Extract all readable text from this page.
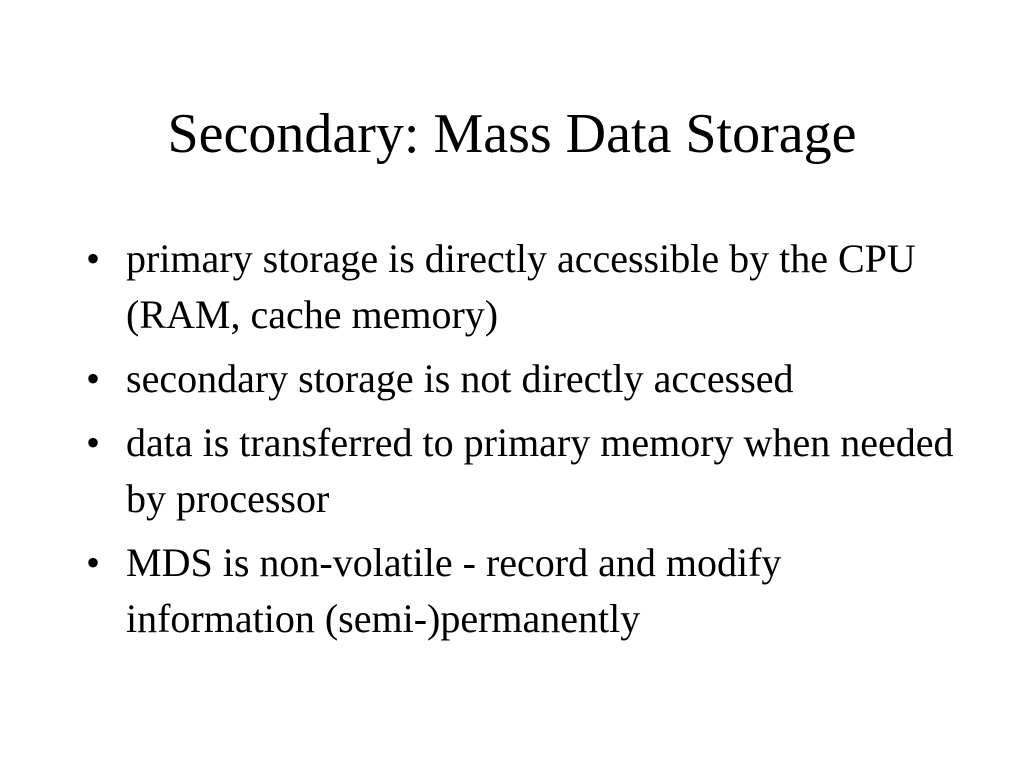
Secondary: Mass Data Storage
• primary storage is directly accessible by the CPU  (RAM, cache memory)
• secondary storage is not directly accessed
• data is transferred to primary memory when needed by processor
• MDS is non-volatile - record and modify information (semi-)permanently
